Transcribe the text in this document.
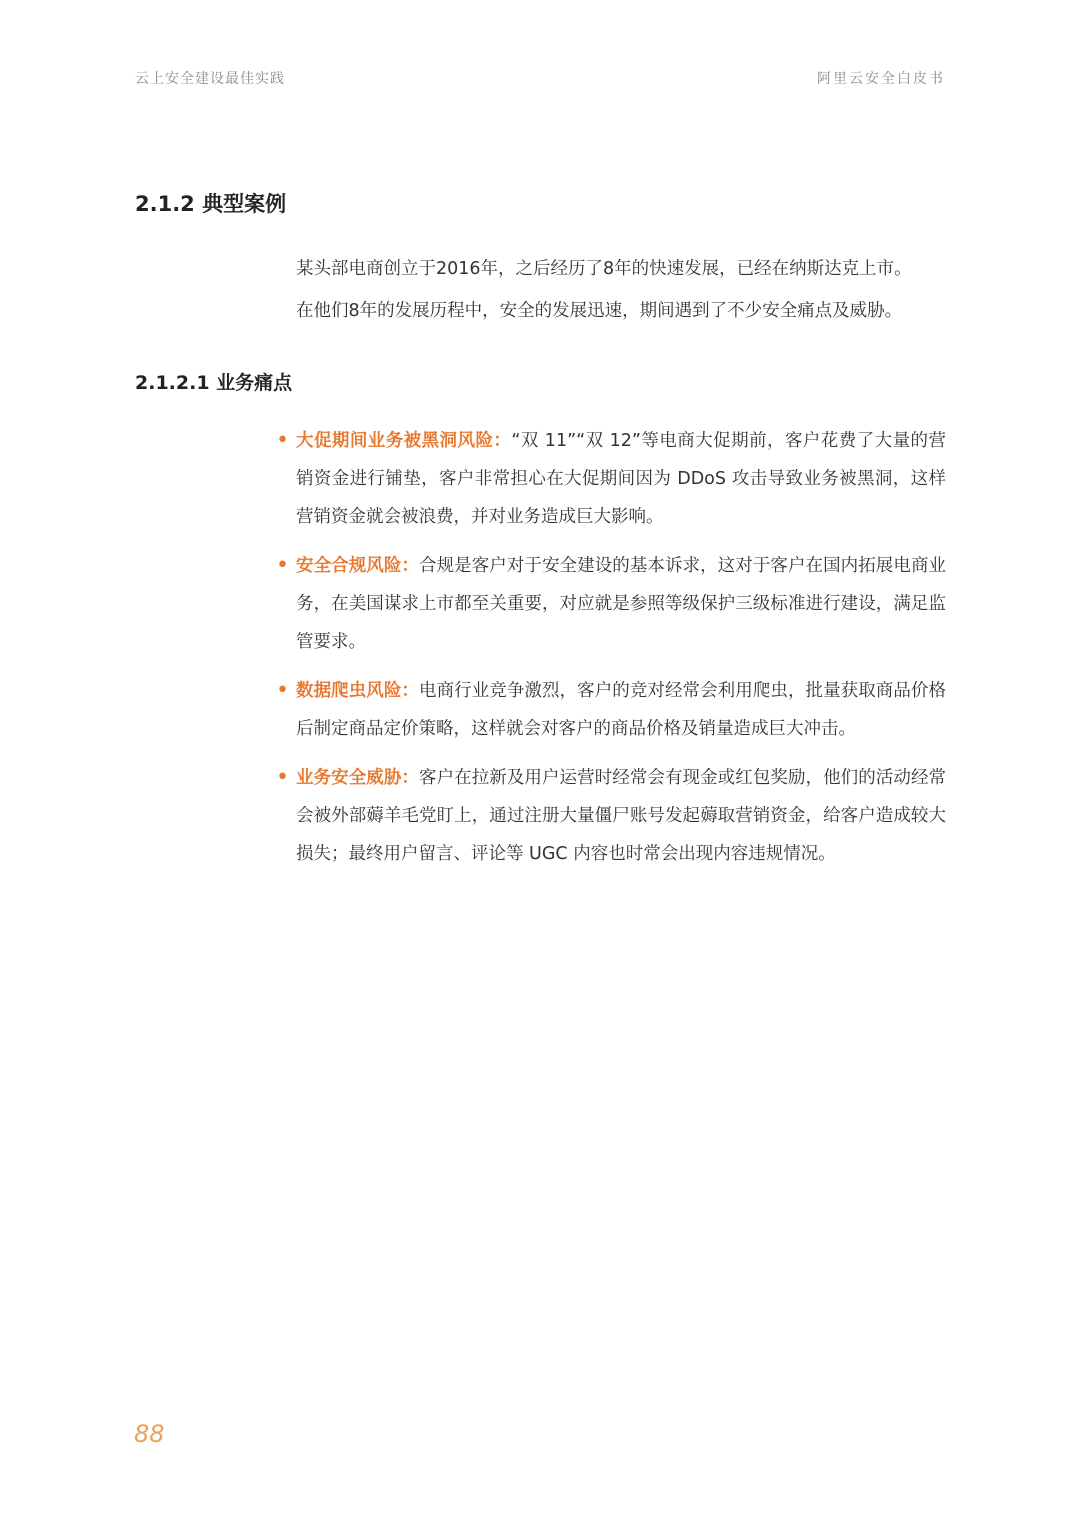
云上安全建设最佳实践	阿里云安全白皮书
2.1.2 典型案例

某头部电商创立于2016年，之后经历了8年的快速发展，已经在纳斯达克上市。

在他们8年的发展历程中，安全的发展迅速，期间遇到了不少安全痛点及威胁。

2.1.2.1 业务痛点
• 大促期间业务被黑洞风险：“双 11”“双 12”等电商大促期前，客户花费了大量的营销资金进行铺垫，客户非常担心在大促期间因为 DDoS 攻击导致业务被黑洞，这样营销资金就会被浪费，并对业务造成巨大影响。
• 安全合规风险：合规是客户对于安全建设的基本诉求，这对于客户在国内拓展电商业务，在美国谋求上市都至关重要，对应就是参照等级保护三级标准进行建设，满足监管要求。
• 数据爬虫风险：电商行业竞争激烈，客户的竞对经常会利用爬虫，批量获取商品价格后制定商品定价策略，这样就会对客户的商品价格及销量造成巨大冲击。
• 业务安全威胁：客户在拉新及用户运营时经常会有现金或红包奖励，他们的活动经常会被外部薅羊毛党盯上，通过注册大量僵尸账号发起薅取营销资金，给客户造成较大损失；最终用户留言、评论等 UGC 内容也时常会出现内容违规情况。
88
